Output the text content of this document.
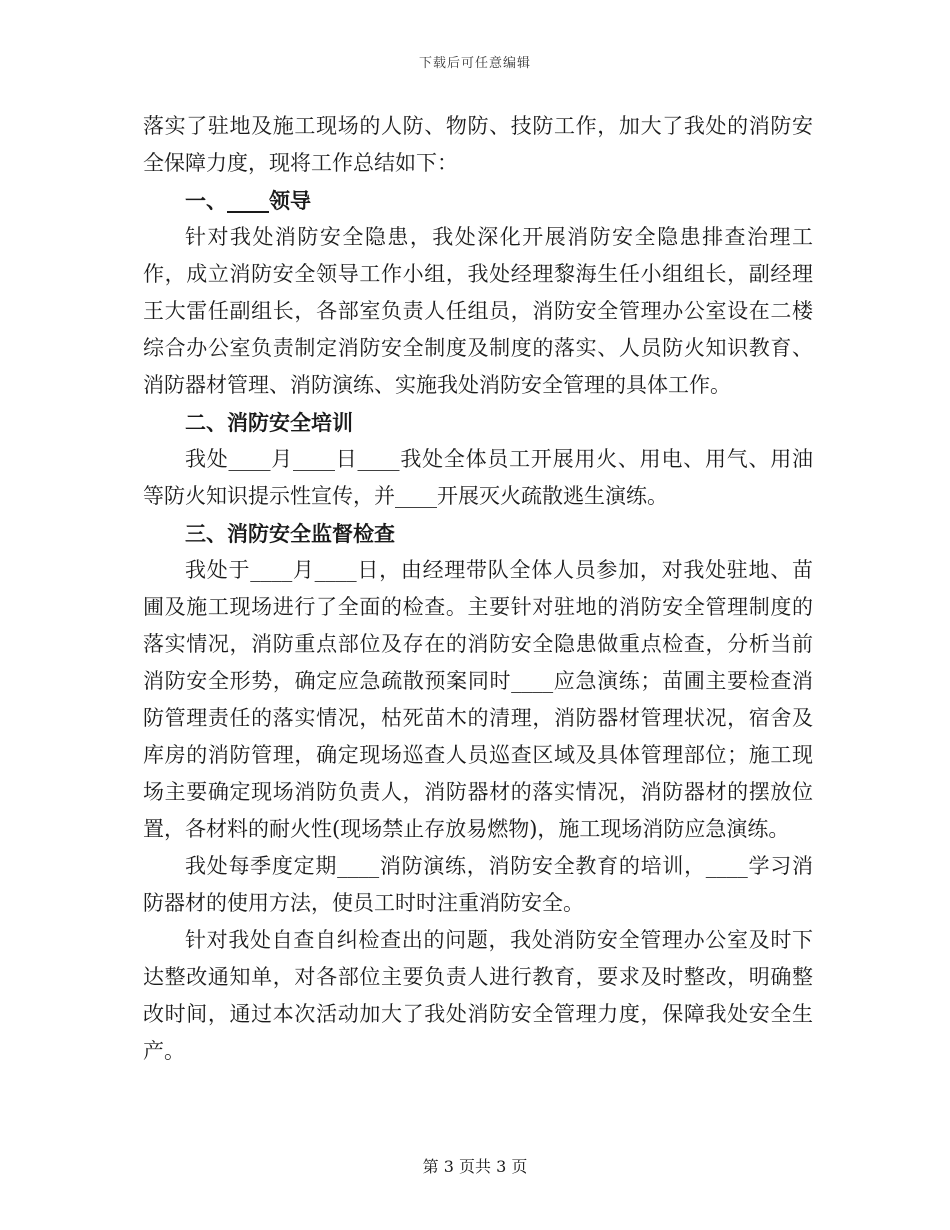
下载后可任意编辑

落实了驻地及施工现场的人防、物防、技防工作，加大了我处的消防安全保障力度，现将工作总结如下：

一、____领导

针对我处消防安全隐患，我处深化开展消防安全隐患排查治理工作，成立消防安全领导工作小组，我处经理黎海生任小组组长，副经理王大雷任副组长，各部室负责人任组员，消防安全管理办公室设在二楼综合办公室负责制定消防安全制度及制度的落实、人员防火知识教育、消防器材管理、消防演练、实施我处消防安全管理的具体工作。

二、消防安全培训

我处____月____日____我处全体员工开展用火、用电、用气、用油等防火知识提示性宣传，并____开展灭火疏散逃生演练。

三、消防安全监督检查

我处于____月____日，由经理带队全体人员参加，对我处驻地、苗圃及施工现场进行了全面的检查。主要针对驻地的消防安全管理制度的落实情况，消防重点部位及存在的消防安全隐患做重点检查，分析当前消防安全形势，确定应急疏散预案同时____应急演练；苗圃主要检查消防管理责任的落实情况，枯死苗木的清理，消防器材管理状况，宿舍及库房的消防管理，确定现场巡查人员巡查区域及具体管理部位；施工现场主要确定现场消防负责人，消防器材的落实情况，消防器材的摆放位置，各材料的耐火性(现场禁止存放易燃物)，施工现场消防应急演练。

我处每季度定期____消防演练，消防安全教育的培训，____学习消防器材的使用方法，使员工时时注重消防安全。

针对我处自查自纠检查出的问题，我处消防安全管理办公室及时下达整改通知单，对各部位主要负责人进行教育，要求及时整改，明确整改时间，通过本次活动加大了我处消防安全管理力度，保障我处安全生产。

第 3 页共 3 页
